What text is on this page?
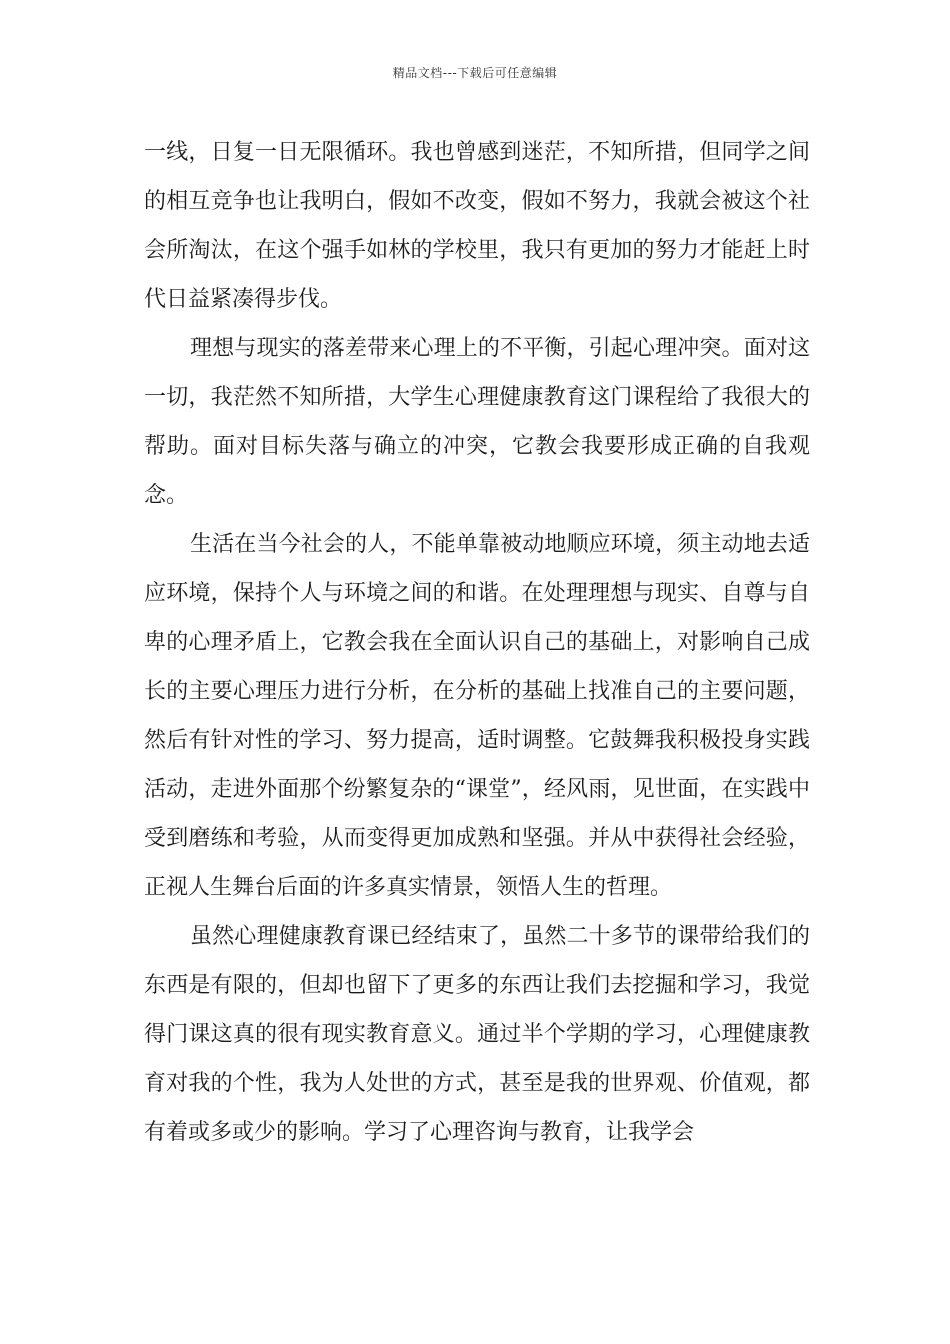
精品文档---下载后可任意编辑

一线，日复一日无限循环。我也曾感到迷茫，不知所措，但同学之间的相互竞争也让我明白，假如不改变，假如不努力，我就会被这个社会所淘汰，在这个强手如林的学校里，我只有更加的努力才能赶上时代日益紧凑得步伐。

理想与现实的落差带来心理上的不平衡，引起心理冲突。面对这一切，我茫然不知所措，大学生心理健康教育这门课程给了我很大的帮助。面对目标失落与确立的冲突，它教会我要形成正确的自我观念。

生活在当今社会的人，不能单靠被动地顺应环境，须主动地去适应环境，保持个人与环境之间的和谐。在处理理想与现实、自尊与自卑的心理矛盾上，它教会我在全面认识自己的基础上，对影响自己成长的主要心理压力进行分析，在分析的基础上找准自己的主要问题，然后有针对性的学习、努力提高，适时调整。它鼓舞我积极投身实践活动，走进外面那个纷繁复杂的“课堂”，经风雨，见世面，在实践中受到磨练和考验，从而变得更加成熟和坚强。并从中获得社会经验，正视人生舞台后面的许多真实情景，领悟人生的哲理。

虽然心理健康教育课已经结束了，虽然二十多节的课带给我们的东西是有限的，但却也留下了更多的东西让我们去挖掘和学习，我觉得门课这真的很有现实教育意义。通过半个学期的学习，心理健康教育对我的个性，我为人处世的方式，甚至是我的世界观、价值观，都有着或多或少的影响。学习了心理咨询与教育，让我学会
